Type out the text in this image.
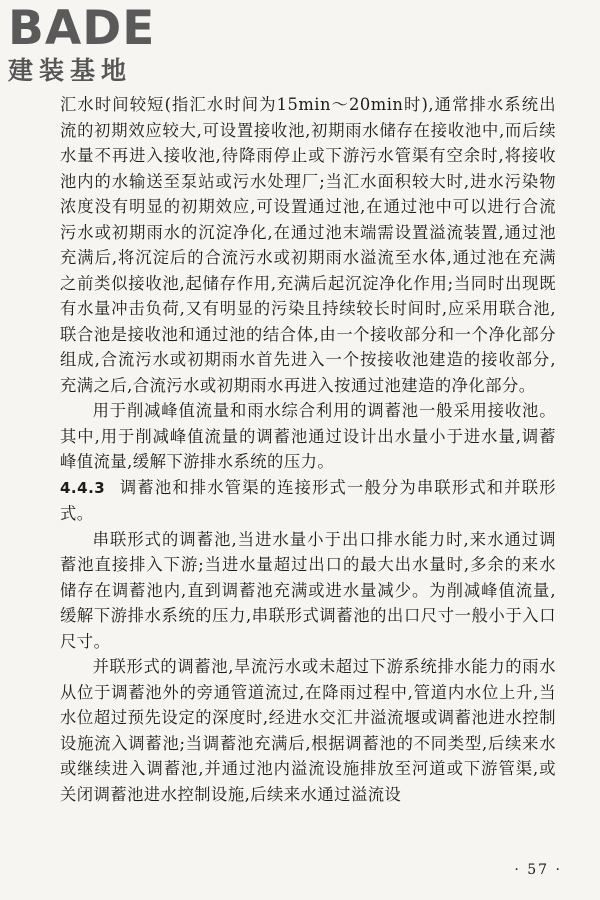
BADE
建装基地

汇水时间较短(指汇水时间为15min～20min时),通常排水系统出流的初期效应较大,可设置接收池,初期雨水储存在接收池中,而后续水量不再进入接收池,待降雨停止或下游污水管渠有空余时,将接收池内的水输送至泵站或污水处理厂;当汇水面积较大时,进水污染物浓度没有明显的初期效应,可设置通过池,在通过池中可以进行合流污水或初期雨水的沉淀净化,在通过池末端需设置溢流装置,通过池充满后,将沉淀后的合流污水或初期雨水溢流至水体,通过池在充满之前类似接收池,起储存作用,充满后起沉淀净化作用;当同时出现既有水量冲击负荷,又有明显的污染且持续较长时间时,应采用联合池,联合池是接收池和通过池的结合体,由一个接收部分和一个净化部分组成,合流污水或初期雨水首先进入一个按接收池建造的接收部分,充满之后,合流污水或初期雨水再进入按通过池建造的净化部分。

用于削减峰值流量和雨水综合利用的调蓄池一般采用接收池。其中,用于削减峰值流量的调蓄池通过设计出水量小于进水量,调蓄峰值流量,缓解下游排水系统的压力。

4.4.3 调蓄池和排水管渠的连接形式一般分为串联形式和并联形式。

串联形式的调蓄池,当进水量小于出口排水能力时,来水通过调蓄池直接排入下游;当进水量超过出口的最大出水量时,多余的来水储存在调蓄池内,直到调蓄池充满或进水量减少。为削减峰值流量,缓解下游排水系统的压力,串联形式调蓄池的出口尺寸一般小于入口尺寸。

并联形式的调蓄池,旱流污水或未超过下游系统排水能力的雨水从位于调蓄池外的旁通管道流过,在降雨过程中,管道内水位上升,当水位超过预先设定的深度时,经进水交汇井溢流堰或调蓄池进水控制设施流入调蓄池;当调蓄池充满后,根据调蓄池的不同类型,后续来水或继续进入调蓄池,并通过池内溢流设施排放至河道或下游管渠,或关闭调蓄池进水控制设施,后续来水通过溢流设

· 57 ·
